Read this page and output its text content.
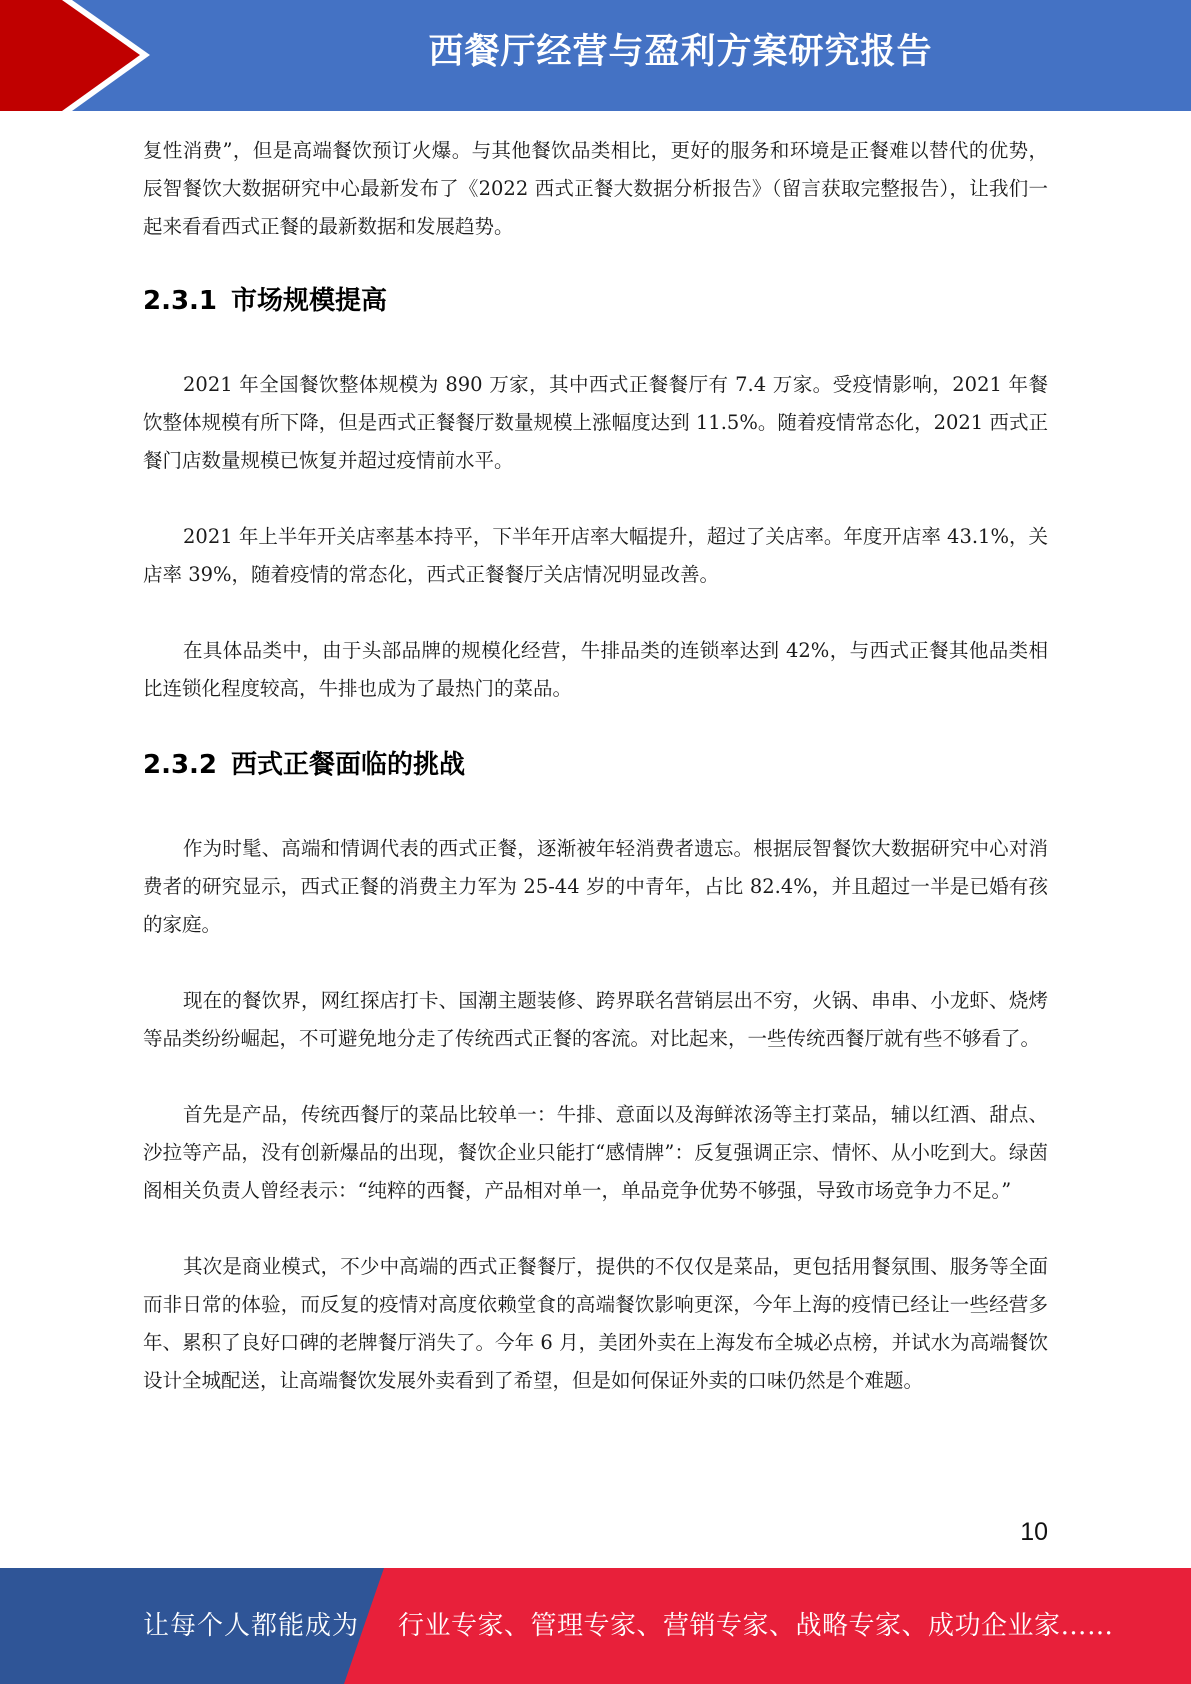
西餐厅经营与盈利方案研究报告

复性消费”，但是高端餐饮预订火爆。与其他餐饮品类相比，更好的服务和环境是正餐难以替代的优势，辰智餐饮大数据研究中心最新发布了《2022 西式正餐大数据分析报告》（留言获取完整报告），让我们一起来看看西式正餐的最新数据和发展趋势。

2.3.1 市场规模提高

2021 年全国餐饮整体规模为 890 万家，其中西式正餐餐厅有 7.4 万家。受疫情影响，2021 年餐饮整体规模有所下降，但是西式正餐餐厅数量规模上涨幅度达到 11.5%。随着疫情常态化，2021 西式正餐门店数量规模已恢复并超过疫情前水平。

2021 年上半年开关店率基本持平，下半年开店率大幅提升，超过了关店率。年度开店率 43.1%，关店率 39%，随着疫情的常态化，西式正餐餐厅关店情况明显改善。

在具体品类中，由于头部品牌的规模化经营，牛排品类的连锁率达到 42%，与西式正餐其他品类相比连锁化程度较高，牛排也成为了最热门的菜品。

2.3.2 西式正餐面临的挑战

作为时髦、高端和情调代表的西式正餐，逐渐被年轻消费者遗忘。根据辰智餐饮大数据研究中心对消费者的研究显示，西式正餐的消费主力军为 25-44 岁的中青年，占比 82.4%，并且超过一半是已婚有孩的家庭。

现在的餐饮界，网红探店打卡、国潮主题装修、跨界联名营销层出不穷，火锅、串串、小龙虾、烧烤等品类纷纷崛起，不可避免地分走了传统西式正餐的客流。对比起来，一些传统西餐厅就有些不够看了。

首先是产品，传统西餐厅的菜品比较单一：牛排、意面以及海鲜浓汤等主打菜品，辅以红酒、甜点、沙拉等产品，没有创新爆品的出现，餐饮企业只能打“感情牌”：反复强调正宗、情怀、从小吃到大。绿茵阁相关负责人曾经表示：“纯粹的西餐，产品相对单一，单品竞争优势不够强，导致市场竞争力不足。”

其次是商业模式，不少中高端的西式正餐餐厅，提供的不仅仅是菜品，更包括用餐氛围、服务等全面而非日常的体验，而反复的疫情对高度依赖堂食的高端餐饮影响更深，今年上海的疫情已经让一些经营多年、累积了良好口碑的老牌餐厅消失了。今年 6 月，美团外卖在上海发布全城必点榜，并试水为高端餐饮设计全城配送，让高端餐饮发展外卖看到了希望，但是如何保证外卖的口味仍然是个难题。

10
让每个人都能成为 行业专家、管理专家、营销专家、战略专家、成功企业家……
